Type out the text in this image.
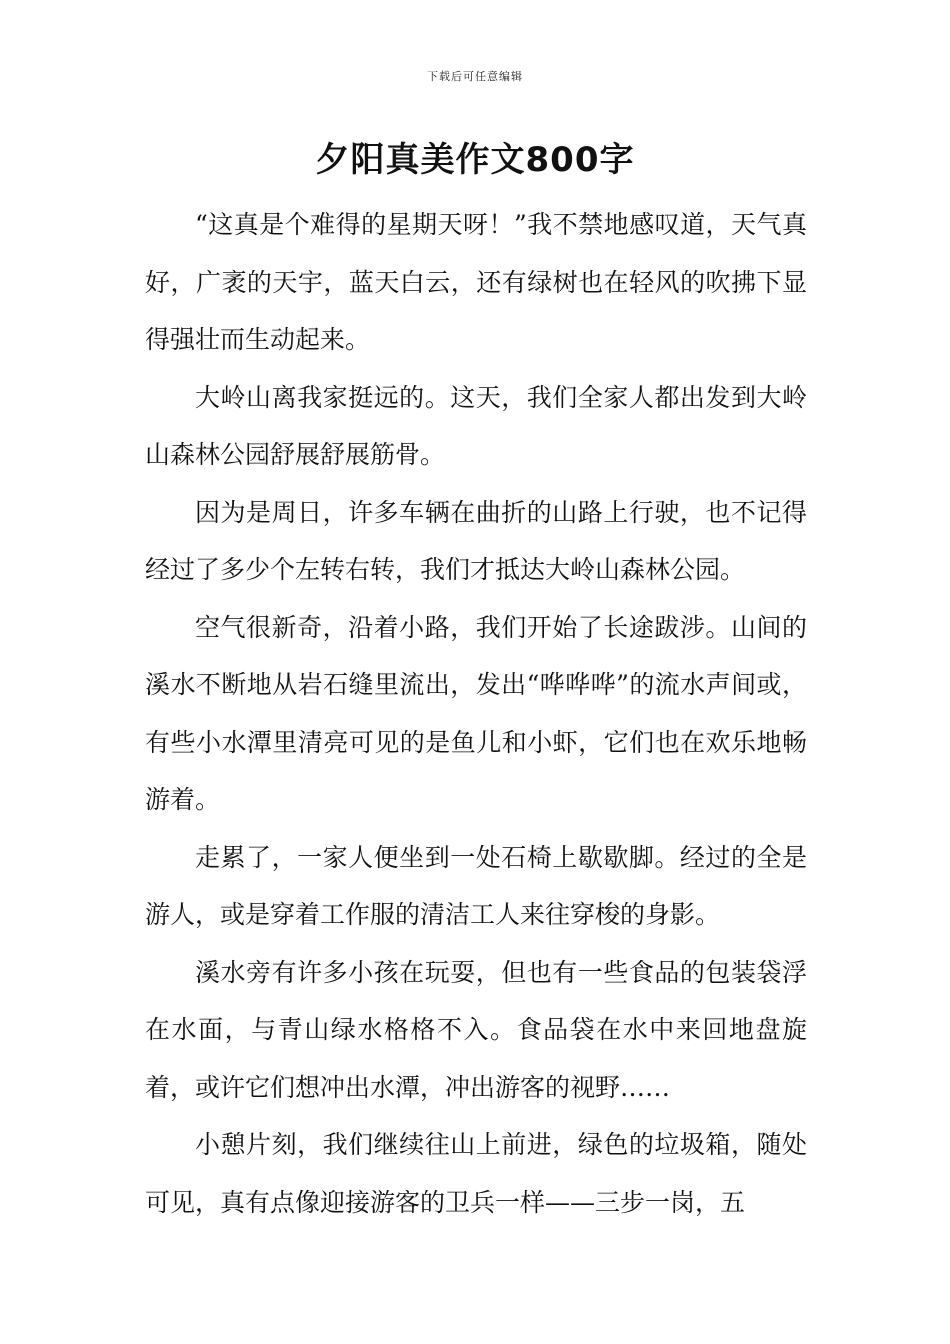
下载后可任意编辑
夕阳真美作文800字

“这真是个难得的星期天呀！”我不禁地感叹道，天气真好，广袤的天宇，蓝天白云，还有绿树也在轻风的吹拂下显得强壮而生动起来。

大岭山离我家挺远的。这天，我们全家人都出发到大岭山森林公园舒展舒展筋骨。

因为是周日，许多车辆在曲折的山路上行驶，也不记得经过了多少个左转右转，我们才抵达大岭山森林公园。

空气很新奇，沿着小路，我们开始了长途跋涉。山间的溪水不断地从岩石缝里流出，发出“哗哗哗”的流水声间或，有些小水潭里清亮可见的是鱼儿和小虾，它们也在欢乐地畅游着。

走累了，一家人便坐到一处石椅上歇歇脚。经过的全是游人，或是穿着工作服的清洁工人来往穿梭的身影。

溪水旁有许多小孩在玩耍，但也有一些食品的包装袋浮在水面，与青山绿水格格不入。食品袋在水中来回地盘旋着，或许它们想冲出水潭，冲出游客的视野……

小憩片刻，我们继续往山上前进，绿色的垃圾箱，随处可见，真有点像迎接游客的卫兵一样——三步一岗，五
